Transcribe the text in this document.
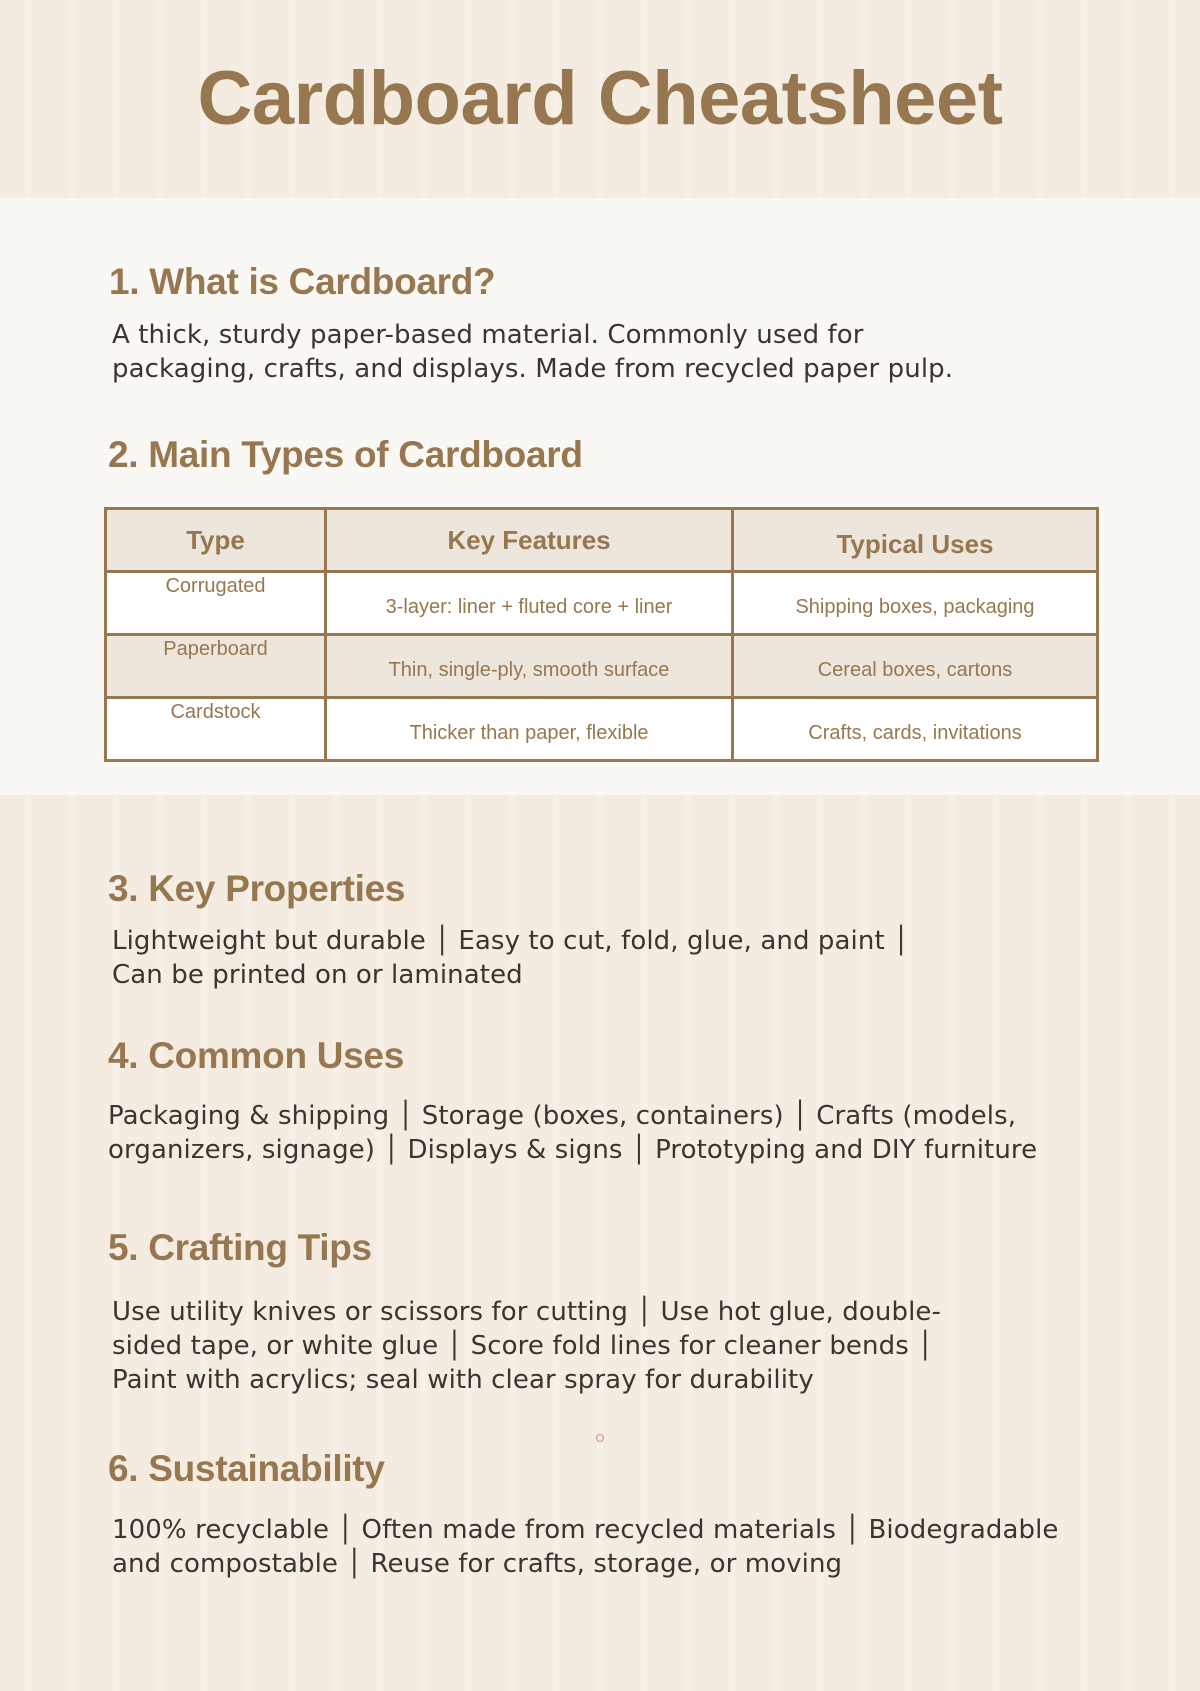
Cardboard Cheatsheet
1. What is Cardboard?

A thick, sturdy paper-based material. Commonly used for

packaging, crafts, and displays. Made from recycled paper pulp.

2. Main Types of Cardboard
Type	Key Features	Typical Uses
Corrugated	3-layer: liner + fluted core + liner	Shipping boxes, packaging
Paperboard	Thin, single-ply, smooth surface	Cereal boxes, cartons
Cardstock	Thicker than paper, flexible	Crafts, cards, invitations
3. Key Properties

Lightweight but durable │ Easy to cut, fold, glue, and paint │

Can be printed on or laminated

4. Common Uses

Packaging & shipping │ Storage (boxes, containers) │ Crafts (models,

organizers, signage) │ Displays & signs │ Prototyping and DIY furniture

5. Crafting Tips

Use utility knives or scissors for cutting │ Use hot glue, double-

sided tape, or white glue │ Score fold lines for cleaner bends │

Paint with acrylics; seal with clear spray for durability

6. Sustainability

100% recyclable │ Often made from recycled materials │ Biodegradable

and compostable │ Reuse for crafts, storage, or moving
